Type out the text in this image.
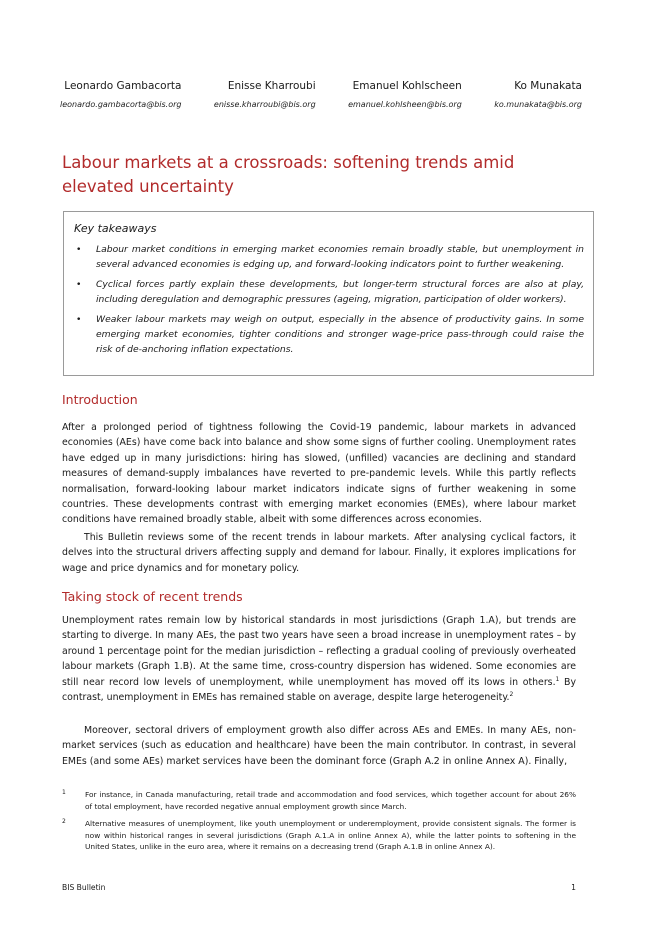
Leonardo Gambacorta
leonardo.gambacorta@bis.org
Enisse Kharroubi
enisse.kharroubi@bis.org
Emanuel Kohlscheen
emanuel.kohlsheen@bis.org
Ko Munakata
ko.munakata@bis.org
Labour markets at a crossroads: softening trends amid elevated uncertainty
Key takeaways
• Labour market conditions in emerging market economies remain broadly stable, but unemployment in several advanced economies is edging up, and forward-looking indicators point to further weakening.
• Cyclical forces partly explain these developments, but longer-term structural forces are also at play, including deregulation and demographic pressures (ageing, migration, participation of older workers).
• Weaker labour markets may weigh on output, especially in the absence of productivity gains. In some emerging market economies, tighter conditions and stronger wage-price pass-through could raise the risk of de-anchoring inflation expectations.
Introduction

After a prolonged period of tightness following the Covid-19 pandemic, labour markets in advanced economies (AEs) have come back into balance and show some signs of further cooling. Unemployment rates have edged up in many jurisdictions: hiring has slowed, (unfilled) vacancies are declining and standard measures of demand-supply imbalances have reverted to pre-pandemic levels. While this partly reflects normalisation, forward-looking labour market indicators indicate signs of further weakening in some countries. These developments contrast with emerging market economies (EMEs), where labour market conditions have remained broadly stable, albeit with some differences across economies.

This Bulletin reviews some of the recent trends in labour markets. After analysing cyclical factors, it delves into the structural drivers affecting supply and demand for labour. Finally, it explores implications for wage and price dynamics and for monetary policy.

Taking stock of recent trends

Unemployment rates remain low by historical standards in most jurisdictions (Graph 1.A), but trends are starting to diverge. In many AEs, the past two years have seen a broad increase in unemployment rates – by around 1 percentage point for the median jurisdiction – reflecting a gradual cooling of previously overheated labour markets (Graph 1.B). At the same time, cross-country dispersion has widened. Some economies are still near record low levels of unemployment, while unemployment has moved off its lows in others.$^1$ By contrast, unemployment in EMEs has remained stable on average, despite large heterogeneity.$^2$

Moreover, sectoral drivers of employment growth also differ across AEs and EMEs. In many AEs, non-market services (such as education and healthcare) have been the main contributor. In contrast, in several EMEs (and some AEs) market services have been the dominant force (Graph A.2 in online Annex A). Finally,

1	For instance, in Canada manufacturing, retail trade and accommodation and food services, which together account for about 26% of total employment, have recorded negative annual employment growth since March.
2	Alternative measures of unemployment, like youth unemployment or underemployment, provide consistent signals. The former is now within historical ranges in several jurisdictions (Graph A.1.A in online Annex A), while the latter points to softening in the United States, unlike in the euro area, where it remains on a decreasing trend (Graph A.1.B in online Annex A).
BIS Bulletin	1
